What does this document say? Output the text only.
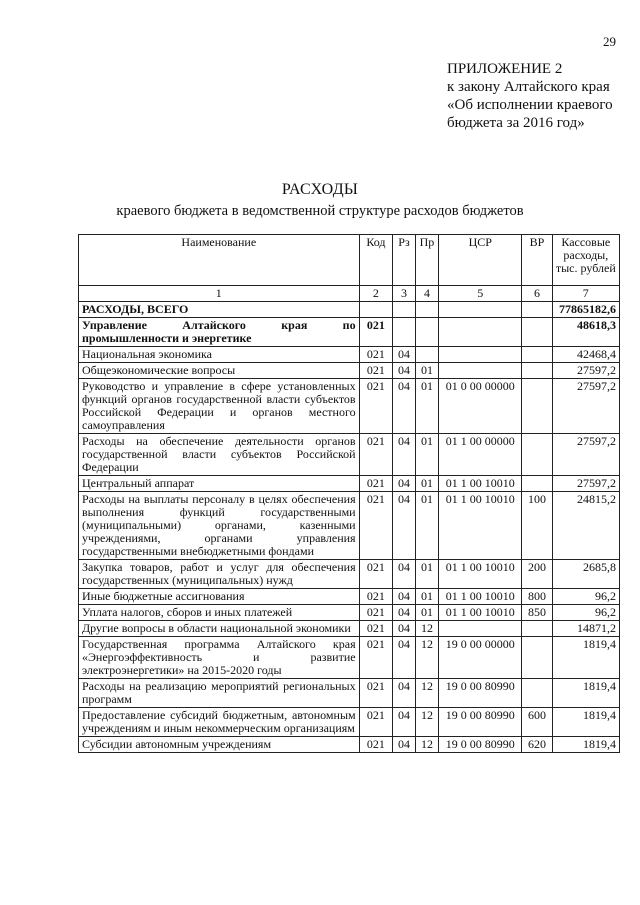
29
ПРИЛОЖЕНИЕ 2
к закону Алтайского края
«Об исполнении краевого
бюджета за 2016 год»
РАСХОДЫ
краевого бюджета в ведомственной структуре расходов бюджетов
Наименование	Код	Рз	Пр	ЦСР	ВР	Кассовые расходы, тыс. рублей
1	2	3	4	5	6	7
РАСХОДЫ, ВСЕГО						77865182,6
Управление Алтайского края по промышленности и энергетике	021					48618,3
Национальная экономика	021	04				42468,4
Общеэкономические вопросы	021	04	01			27597,2
Руководство и управление в сфере установленных функций органов государственной власти субъектов Российской Федерации и органов местного самоуправления	021	04	01	01 0 00 00000		27597,2
Расходы на обеспечение деятельности органов государственной власти субъектов Российской Федерации	021	04	01	01 1 00 00000		27597,2
Центральный аппарат	021	04	01	01 1 00 10010		27597,2
Расходы на выплаты персоналу в целях обеспечения выполнения функций государственными (муниципальными) органами, казенными учреждениями, органами управления государственными внебюджетными фондами	021	04	01	01 1 00 10010	100	24815,2
Закупка товаров, работ и услуг для обеспечения государственных (муниципальных) нужд	021	04	01	01 1 00 10010	200	2685,8
Иные бюджетные ассигнования	021	04	01	01 1 00 10010	800	96,2
Уплата налогов, сборов и иных платежей	021	04	01	01 1 00 10010	850	96,2
Другие вопросы в области национальной экономики	021	04	12			14871,2
Государственная программа Алтайского края «Энергоэффективность и развитие электроэнергетики» на 2015-2020 годы	021	04	12	19 0 00 00000		1819,4
Расходы на реализацию мероприятий региональных программ	021	04	12	19 0 00 80990		1819,4
Предоставление субсидий бюджетным, автономным учреждениям и иным некоммерческим организациям	021	04	12	19 0 00 80990	600	1819,4
Субсидии автономным учреждениям	021	04	12	19 0 00 80990	620	1819,4
